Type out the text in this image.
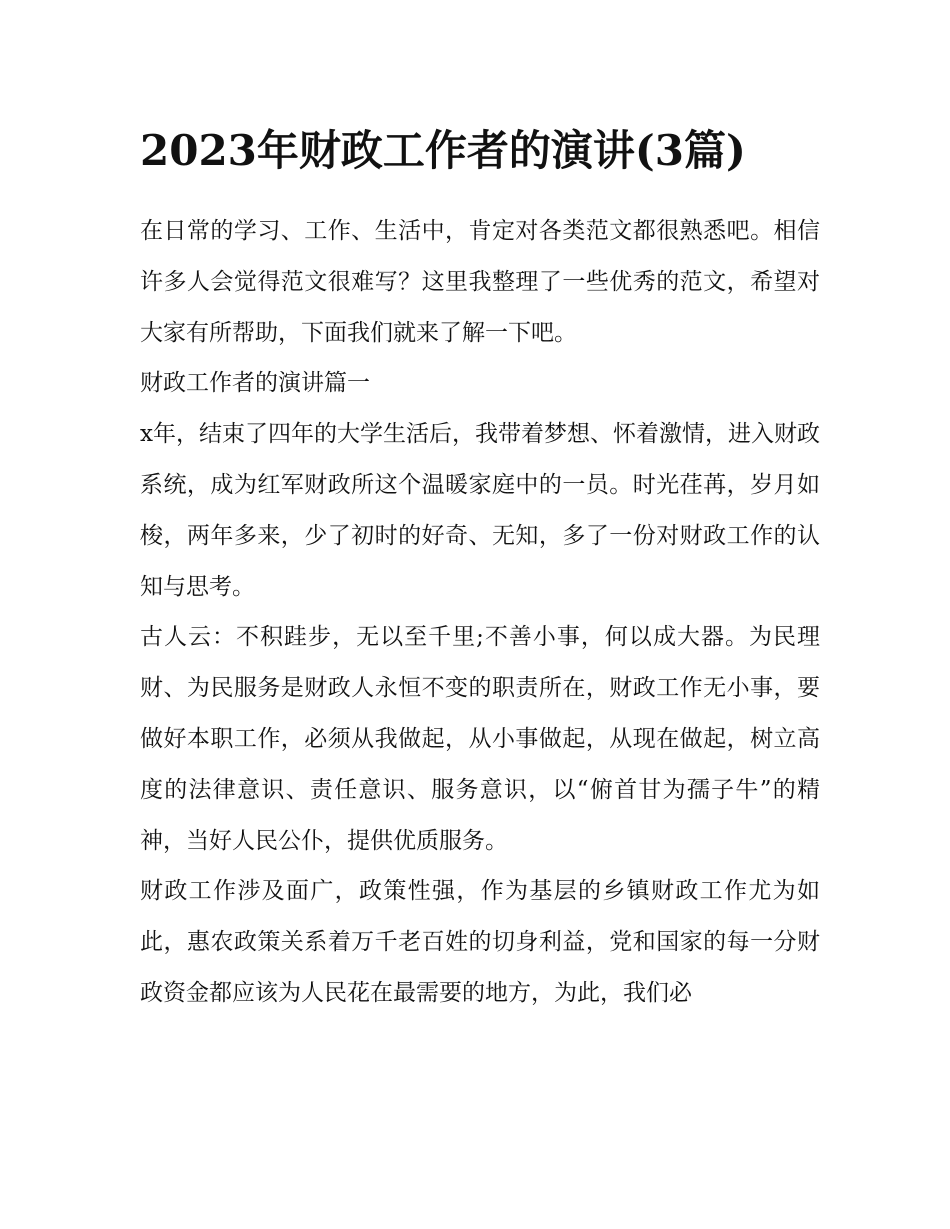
2023年财政工作者的演讲(3篇)

在日常的学习、工作、生活中，肯定对各类范文都很熟悉吧。相信许多人会觉得范文很难写？这里我整理了一些优秀的范文，希望对大家有所帮助，下面我们就来了解一下吧。

财政工作者的演讲篇一

x年，结束了四年的大学生活后，我带着梦想、怀着激情，进入财政系统，成为红军财政所这个温暖家庭中的一员。时光荏苒，岁月如梭，两年多来，少了初时的好奇、无知，多了一份对财政工作的认知与思考。

古人云：不积跬步，无以至千里;不善小事，何以成大器。为民理财、为民服务是财政人永恒不变的职责所在，财政工作无小事，要做好本职工作，必须从我做起，从小事做起，从现在做起，树立高度的法律意识、责任意识、服务意识，以“俯首甘为孺子牛”的精神，当好人民公仆，提供优质服务。

财政工作涉及面广，政策性强，作为基层的乡镇财政工作尤为如此，惠农政策关系着万千老百姓的切身利益，党和国家的每一分财政资金都应该为人民花在最需要的地方，为此，我们必
